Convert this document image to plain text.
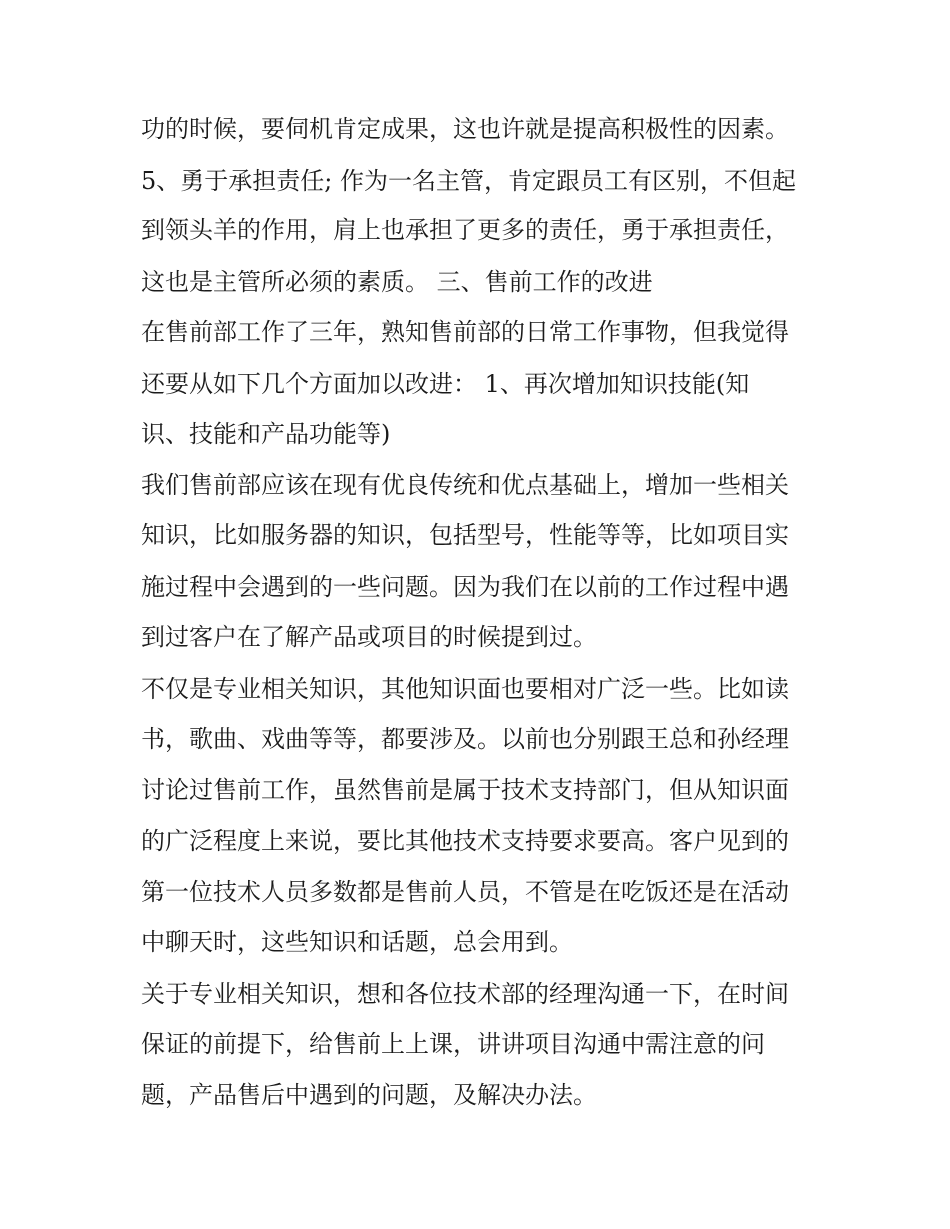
功的时候，要伺机肯定成果，这也许就是提高积极性的因素。
5、勇于承担责任; 作为一名主管，肯定跟员工有区别，不但起
到领头羊的作用，肩上也承担了更多的责任，勇于承担责任，
这也是主管所必须的素质。 三、售前工作的改进
在售前部工作了三年，熟知售前部的日常工作事物，但我觉得
还要从如下几个方面加以改进： 1、再次增加知识技能(知
识、技能和产品功能等)
我们售前部应该在现有优良传统和优点基础上，增加一些相关
知识，比如服务器的知识，包括型号，性能等等，比如项目实
施过程中会遇到的一些问题。因为我们在以前的工作过程中遇
到过客户在了解产品或项目的时候提到过。
不仅是专业相关知识，其他知识面也要相对广泛一些。比如读
书，歌曲、戏曲等等，都要涉及。以前也分别跟王总和孙经理
讨论过售前工作，虽然售前是属于技术支持部门，但从知识面
的广泛程度上来说，要比其他技术支持要求要高。客户见到的
第一位技术人员多数都是售前人员，不管是在吃饭还是在活动
中聊天时，这些知识和话题，总会用到。
关于专业相关知识，想和各位技术部的经理沟通一下，在时间
保证的前提下，给售前上上课，讲讲项目沟通中需注意的问
题，产品售后中遇到的问题，及解决办法。
